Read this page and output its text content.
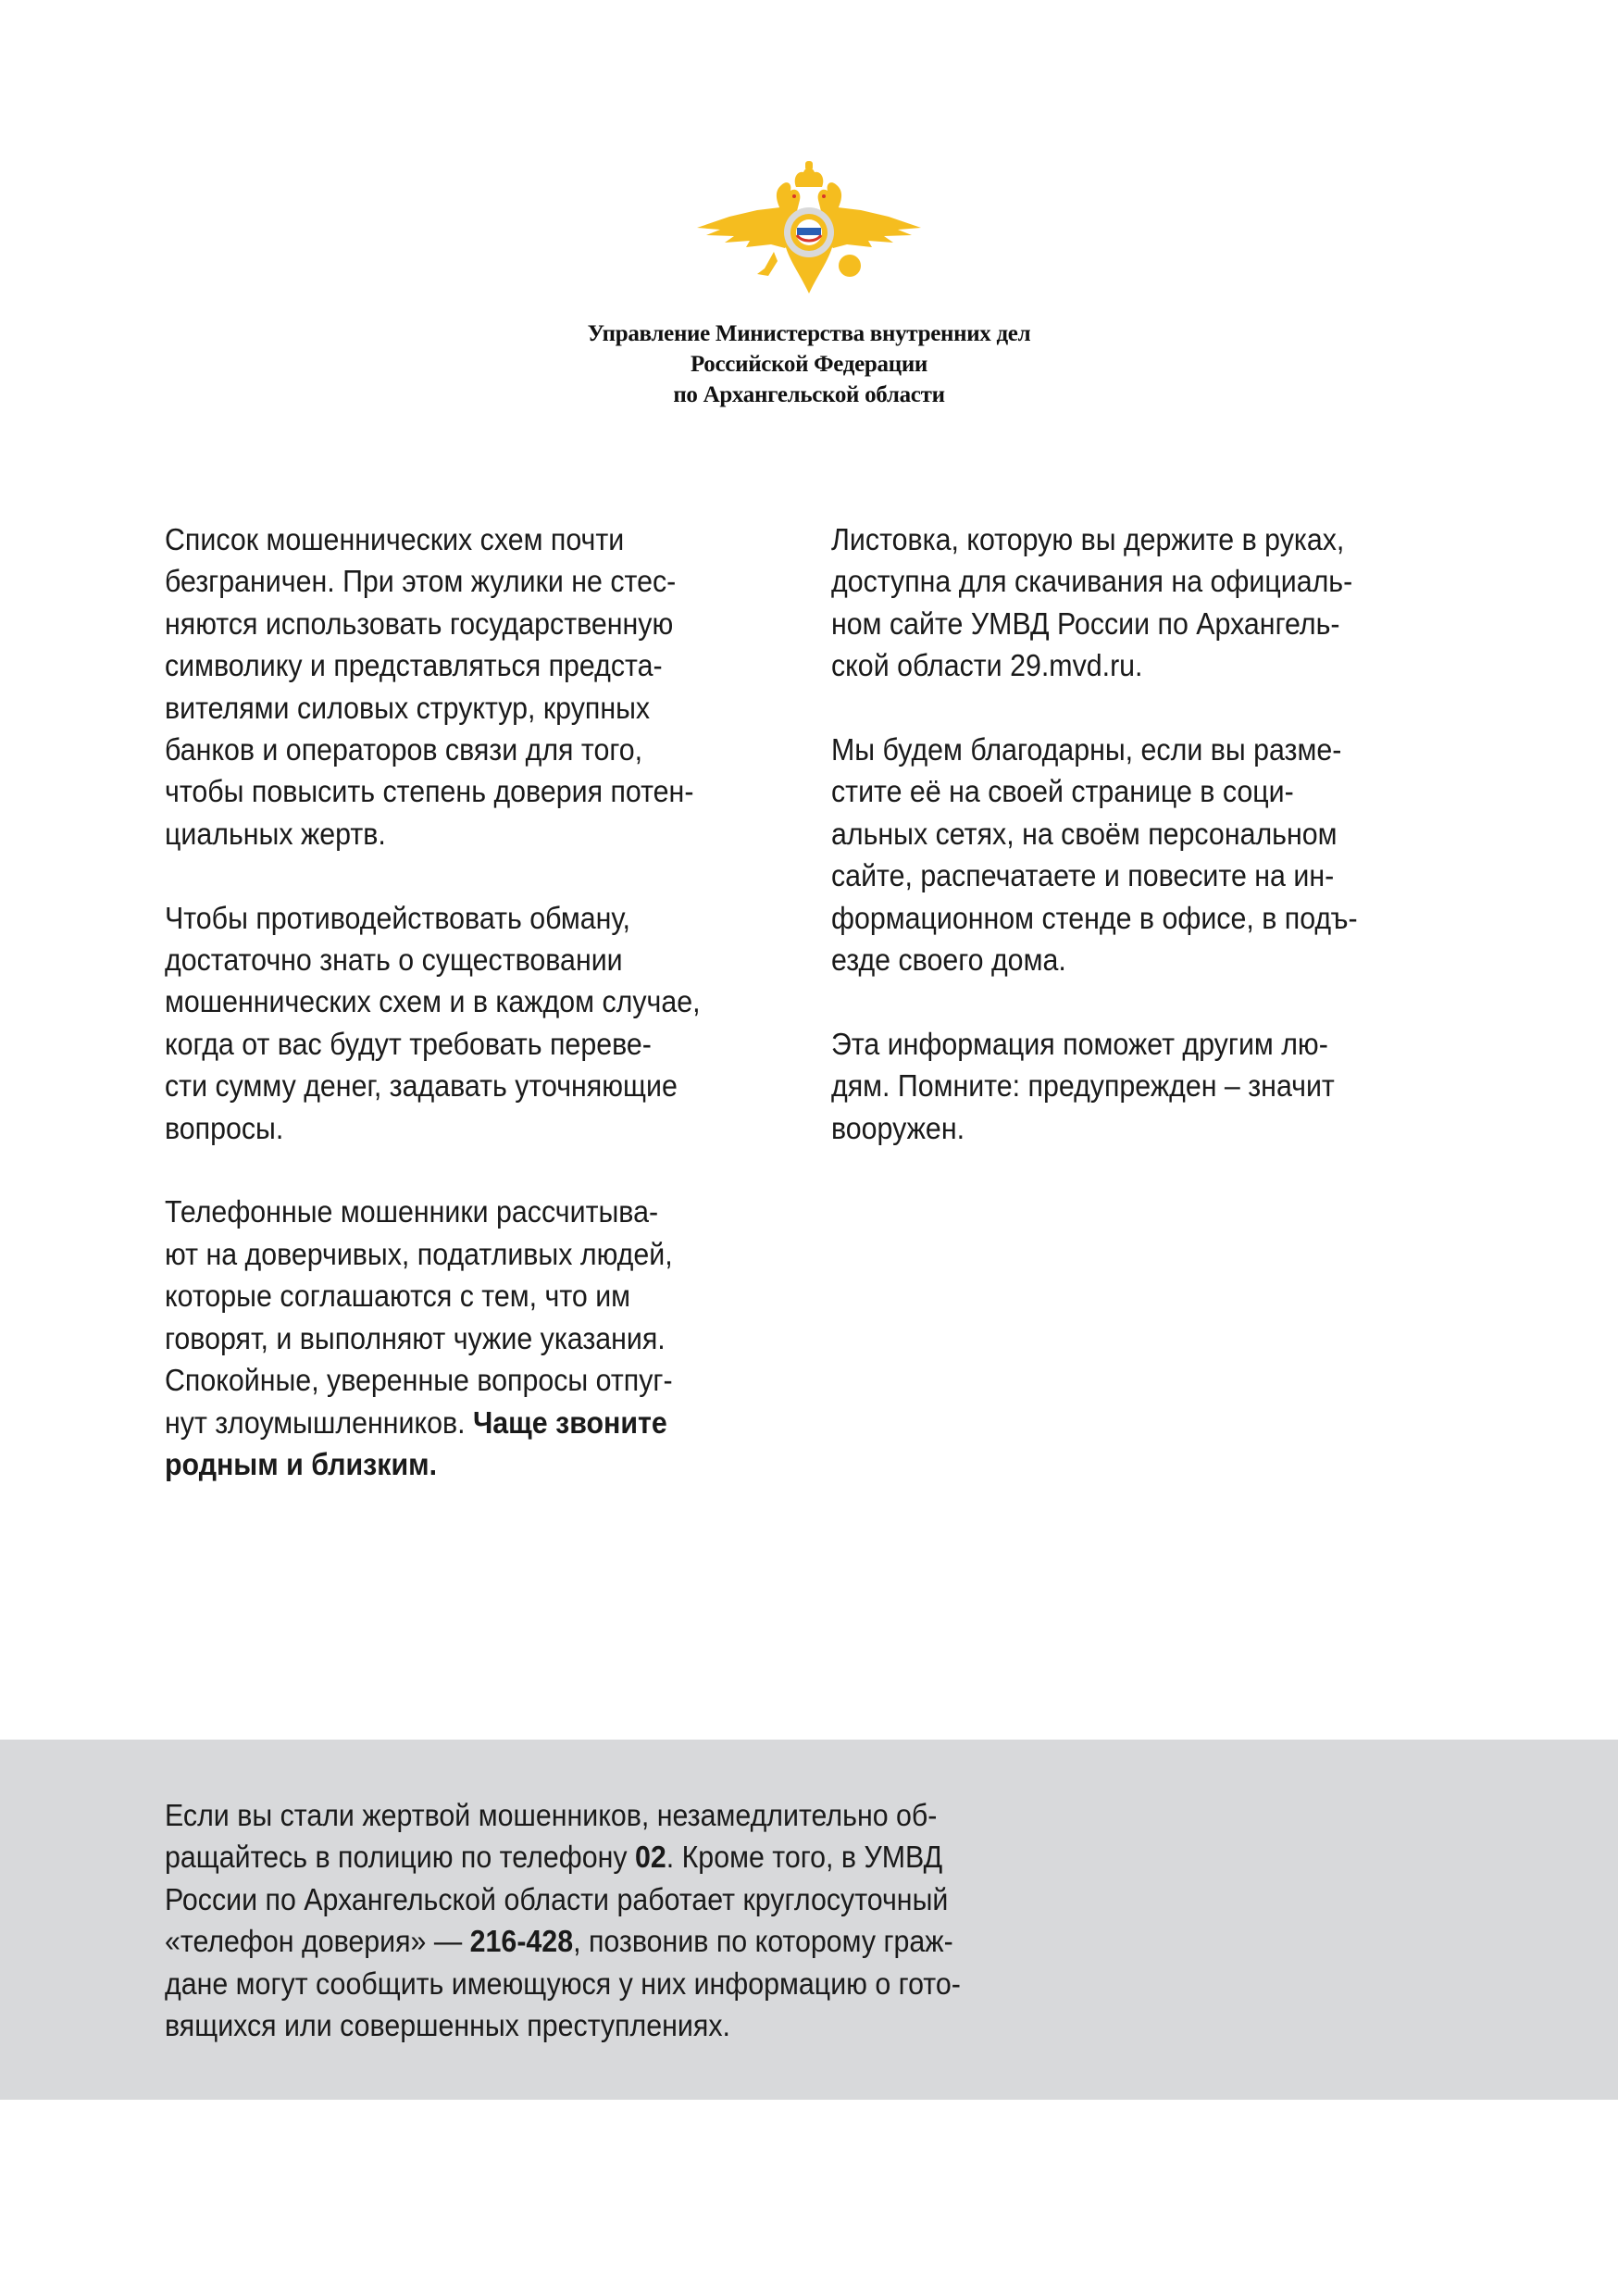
Управление Министерства внутренних дел
Российской Федерации
по Архангельской области

Список мошеннических схем почти
безграничен. При этом жулики не стес-
няются использовать государственную
символику и представляться предста-
вителями силовых структур, крупных
банков и операторов связи для того,
чтобы повысить степень доверия потен-
циальных жертв.

Чтобы противодействовать обману,
достаточно знать о существовании
мошеннических схем и в каждом случае,
когда от вас будут требовать переве-
сти сумму денег, задавать уточняющие
вопросы.

Телефонные мошенники рассчитыва-
ют на доверчивых, податливых людей,
которые соглашаются с тем, что им
говорят, и выполняют чужие указания.
Спокойные, уверенные вопросы отпуг-
нут злоумышленников. Чаще звоните
родным и близким.

Листовка, которую вы держите в руках,
доступна для скачивания на официаль-
ном сайте УМВД России по Архангель-
ской области 29.mvd.ru.

Мы будем благодарны, если вы разме-
стите её на своей странице в соци-
альных сетях, на своём персональном
сайте, распечатаете и повесите на ин-
формационном стенде в офисе, в подъ-
езде своего дома.

Эта информация поможет другим лю-
дям. Помните: предупрежден – значит
вооружен.

Если вы стали жертвой мошенников, незамедлительно об-
ращайтесь в полицию по телефону 02. Кроме того, в УМВД
России по Архангельской области работает круглосуточный
«телефон доверия» — 216-428, позвонив по которому граж-
дане могут сообщить имеющуюся у них информацию о гото-
вящихся или совершенных преступлениях.
